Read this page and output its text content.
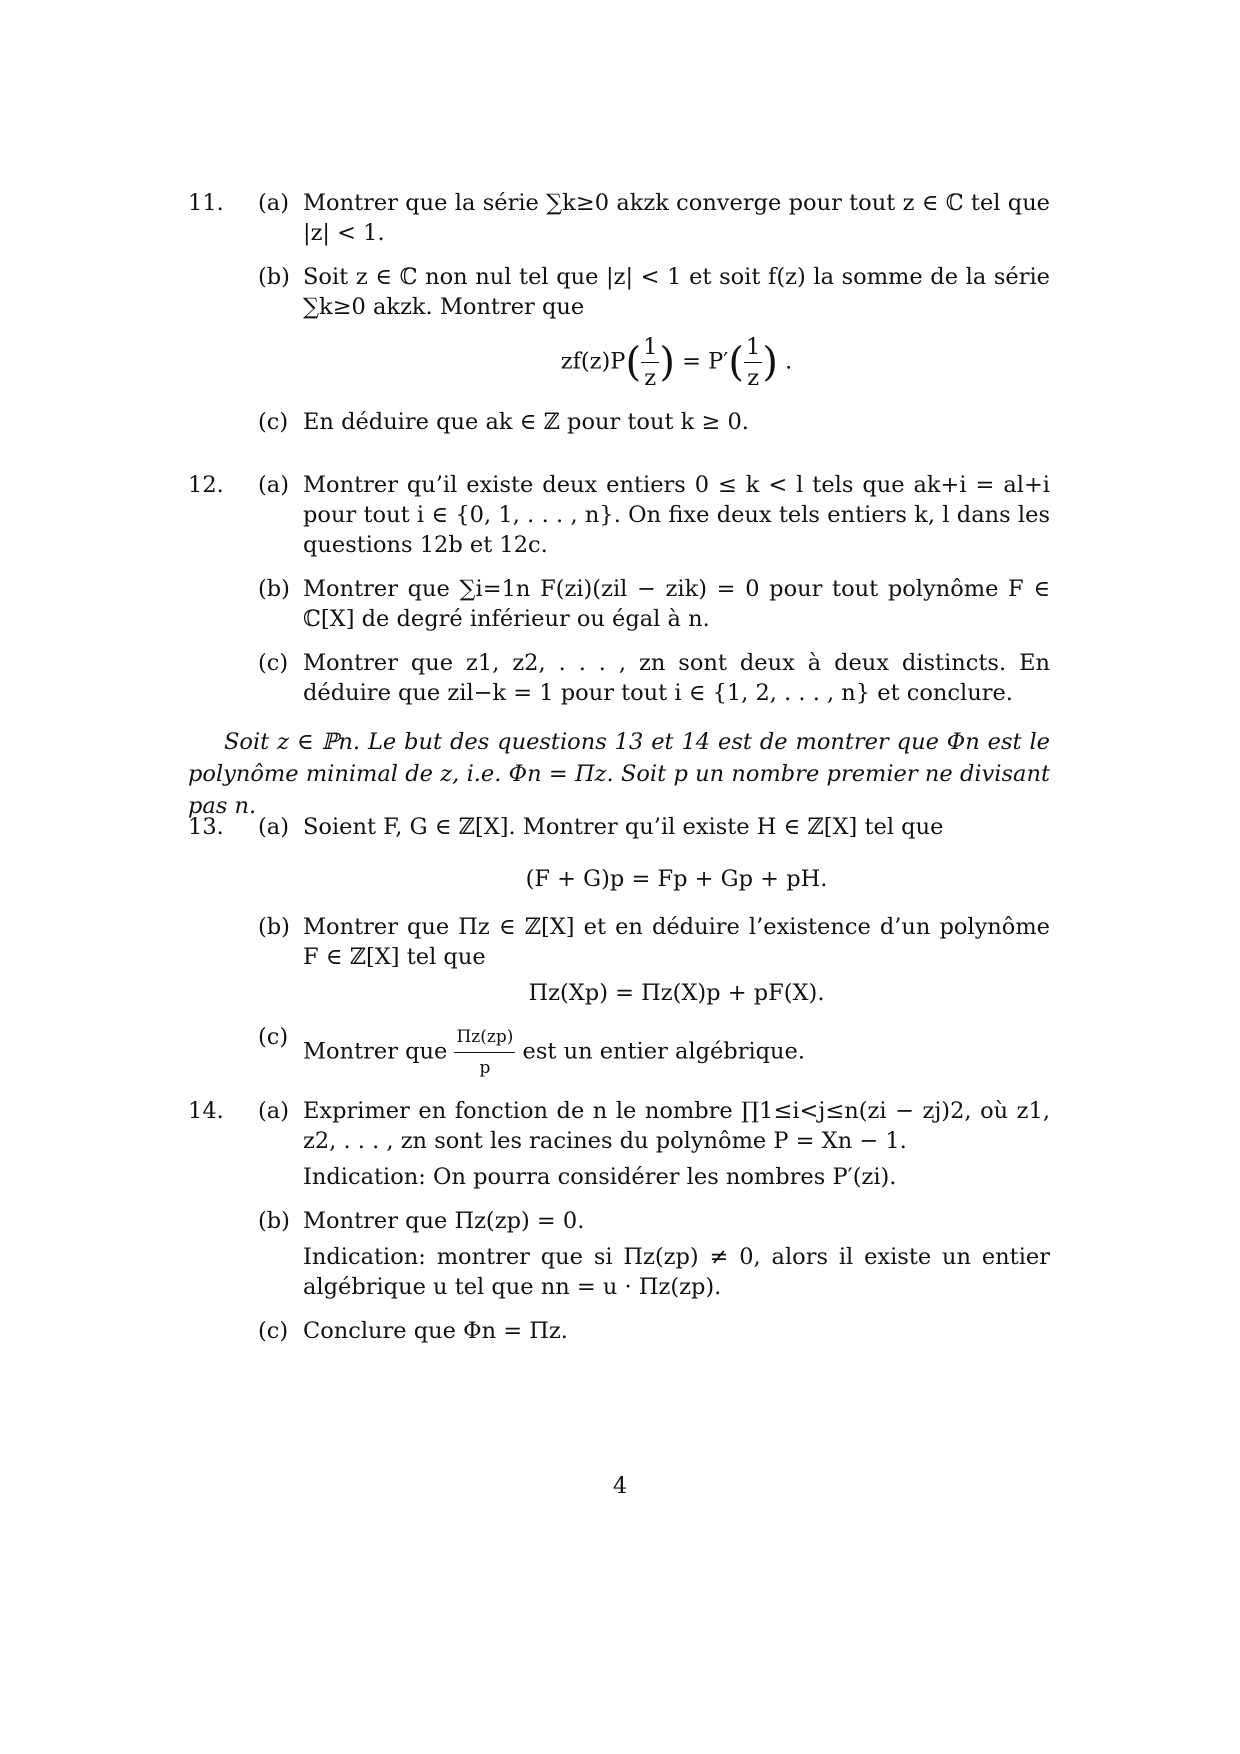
11.	(a) Montrer que la série ∑k≥0 akzk converge pour tout z ∈ ℂ tel que |z| < 1.
(b) Soit z ∈ ℂ non nul tel que |z| < 1 et soit f(z) la somme de la série ∑k≥0 akzk. Montrer que
$zf(z)P( \frac{1}{z}$ ) = $P'( \frac{1}{z}$ ) .
(c) En déduire que ak ∈ ℤ pour tout k ≥ 0.
12.	(a) Montrer qu’il existe deux entiers 0 ≤ k < l tels que ak+i = al+i pour tout i ∈ {0, 1, . . . , n}. On fixe deux tels entiers k, l dans les questions 12b et 12c.
(b) Montrer que ∑i=1n F(zi)(zil − zik) = 0 pour tout polynôme F ∈ ℂ[X] de degré inférieur ou égal à n.
(c) Montrer que z1, z2, . . . , zn sont deux à deux distincts. En déduire que zil−k = 1 pour tout i ∈ {1, 2, . . . , n} et conclure.
Soit z ∈ ℙn. Le but des questions 13 et 14 est de montrer que Φn est le polynôme minimal de z, i.e. Φn = Πz. Soit p un nombre premier ne divisant pas n.
13.	(a) Soient F, G ∈ ℤ[X]. Montrer qu’il existe H ∈ ℤ[X] tel que
(F + G)p = Fp + Gp + pH.
(b) Montrer que Πz ∈ ℤ[X] et en déduire l’existence d’un polynôme F ∈ ℤ[X] tel que
Πz(Xp) = Πz(X)p + pF(X).
(c)
Montrer que $\frac{\Pi z(zp)}{p}$ est un entier algébrique.
14.	(a) Exprimer en fonction de n le nombre ∏1≤i<j≤n(zi − zj)2, où z1, z2, . . . , zn sont les racines du polynôme P = Xn − 1.
Indication: On pourra considérer les nombres P′(zi).
(b) Montrer que Πz(zp) = 0.
Indication: montrer que si Πz(zp) ≠ 0, alors il existe un entier algébrique u tel que nn = u · Πz(zp).
(c) Conclure que Φn = Πz.
4
